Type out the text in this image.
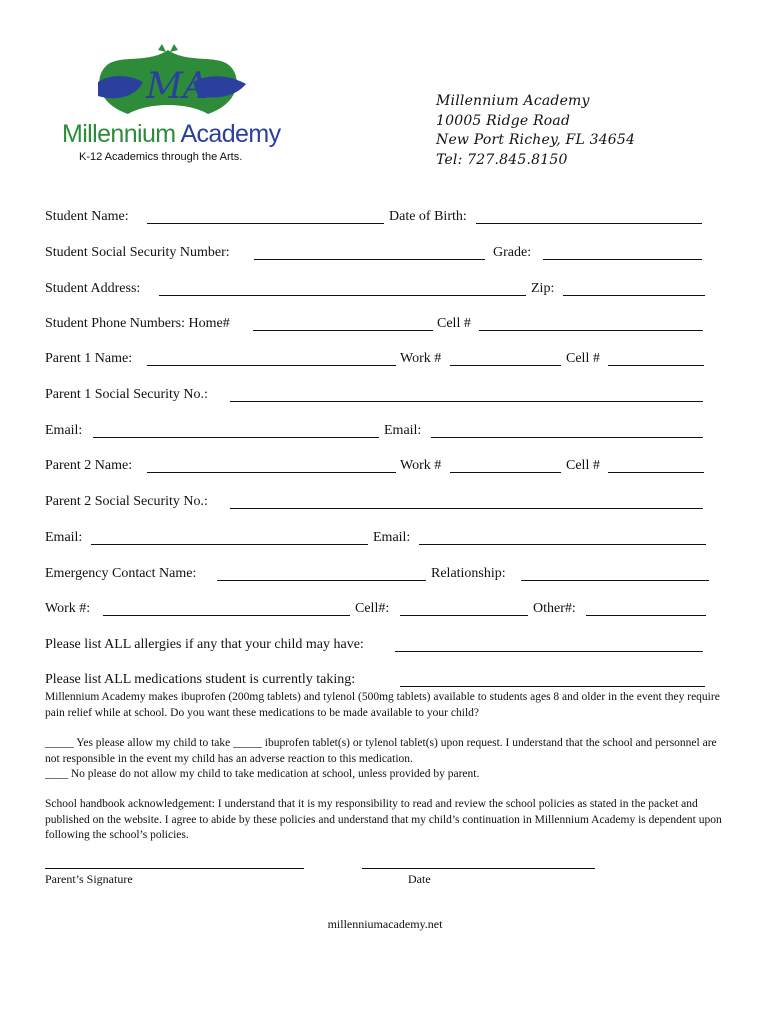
MA
Millennium Academy
K-12 Academics through the Arts.
Millennium Academy
10005 Ridge Road
New Port Richey, FL 34654
Tel: 727.845.8150
Student Name:	Date of Birth:
Student Social Security Number:	Grade:
Student Address:	Zip:
Student Phone Numbers: Home#	Cell #
Parent 1 Name:	Work #	Cell #
Parent 1 Social Security No.:
Email:	Email:
Parent 2 Name:	Work #	Cell #
Parent 2 Social Security No.:
Email:	Email:
Emergency Contact Name:	Relationship:
Work #:	Cell#:	Other#:
Please list ALL allergies if any that your child may have:
Please list ALL medications student is currently taking:
Millennium Academy makes ibuprofen (200mg tablets) and tylenol (500mg tablets) available to students ages 8 and older in the event they require pain relief while at school. Do you want these medications to be made available to your child?
_____ Yes please allow my child to take _____ ibuprofen tablet(s) or tylenol tablet(s) upon request. I understand that the school and personnel are not responsible in the event my child has an adverse reaction to this medication.
____ No please do not allow my child to take medication at school, unless provided by parent.
School handbook acknowledgement: I understand that it is my responsibility to read and review the school policies as stated in the packet and published on the website. I agree to abide by these policies and understand that my child’s continuation in Millennium Academy is dependent upon following the school’s policies.
Parent’s Signature	Date
millenniumacademy.net
